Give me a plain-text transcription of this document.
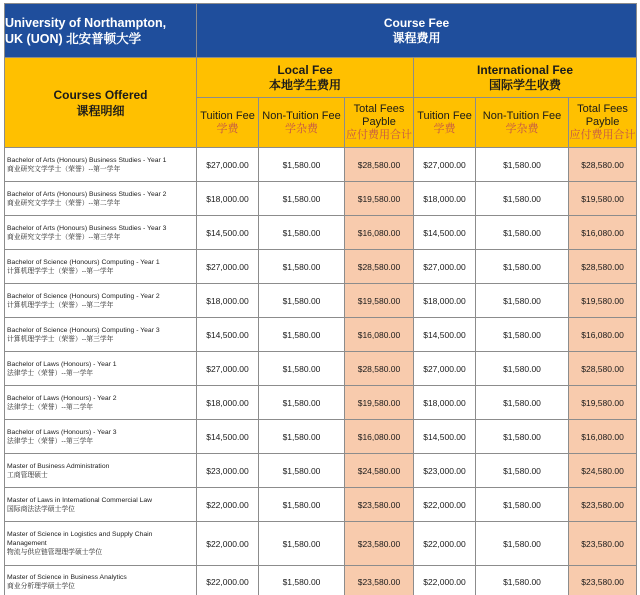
University of Northampton,
UK (UON) 北安普顿大学	Course Fee
课程费用					

Courses Offered
课程明细	Local Fee
本地学生费用			International Fee
国际学生收费		

	Tuition Fee
学费	Non-Tuition Fee
学杂费	Total Fees
Payble
应付费用合计	Tuition Fee
学费	Non-Tuition Fee
学杂费	Total Fees
Payble
应付费用合计

Bachelor of Arts (Honours) Business Studies - Year 1
商业研究文学学士（荣誉）--第一学年	$27,000.00	$1,580.00	$28,580.00	$27,000.00	$1,580.00	$28,580.00

Bachelor of Arts (Honours) Business Studies - Year 2
商业研究文学学士（荣誉）--第二学年	$18,000.00	$1,580.00	$19,580.00	$18,000.00	$1,580.00	$19,580.00

Bachelor of Arts (Honours) Business Studies - Year 3
商业研究文学学士（荣誉）--第三学年	$14,500.00	$1,580.00	$16,080.00	$14,500.00	$1,580.00	$16,080.00

Bachelor of Science (Honours) Computing - Year 1
计算机理学学士（荣誉）--第一学年	$27,000.00	$1,580.00	$28,580.00	$27,000.00	$1,580.00	$28,580.00

Bachelor of Science (Honours) Computing - Year 2
计算机理学学士（荣誉）--第二学年	$18,000.00	$1,580.00	$19,580.00	$18,000.00	$1,580.00	$19,580.00

Bachelor of Science (Honours) Computing - Year 3
计算机理学学士（荣誉）--第三学年	$14,500.00	$1,580.00	$16,080.00	$14,500.00	$1,580.00	$16,080.00

Bachelor of Laws (Honours) - Year 1
法律学士（荣誉）--第一学年	$27,000.00	$1,580.00	$28,580.00	$27,000.00	$1,580.00	$28,580.00

Bachelor of Laws (Honours) - Year 2
法律学士（荣誉）--第二学年	$18,000.00	$1,580.00	$19,580.00	$18,000.00	$1,580.00	$19,580.00

Bachelor of Laws (Honours) - Year 3
法律学士（荣誉）--第三学年	$14,500.00	$1,580.00	$16,080.00	$14,500.00	$1,580.00	$16,080.00

Master of Business Administration
工商管理硕士	$23,000.00	$1,580.00	$24,580.00	$23,000.00	$1,580.00	$24,580.00

Master of Laws in International Commercial Law
国际商法法学硕士学位	$22,000.00	$1,580.00	$23,580.00	$22,000.00	$1,580.00	$23,580.00

Master of Science in Logistics and Supply Chain Management
物流与供应链管理理学硕士学位	$22,000.00	$1,580.00	$23,580.00	$22,000.00	$1,580.00	$23,580.00

Master of Science in Business Analytics
商业分析理学硕士学位	$22,000.00	$1,580.00	$23,580.00	$22,000.00	$1,580.00	$23,580.00
